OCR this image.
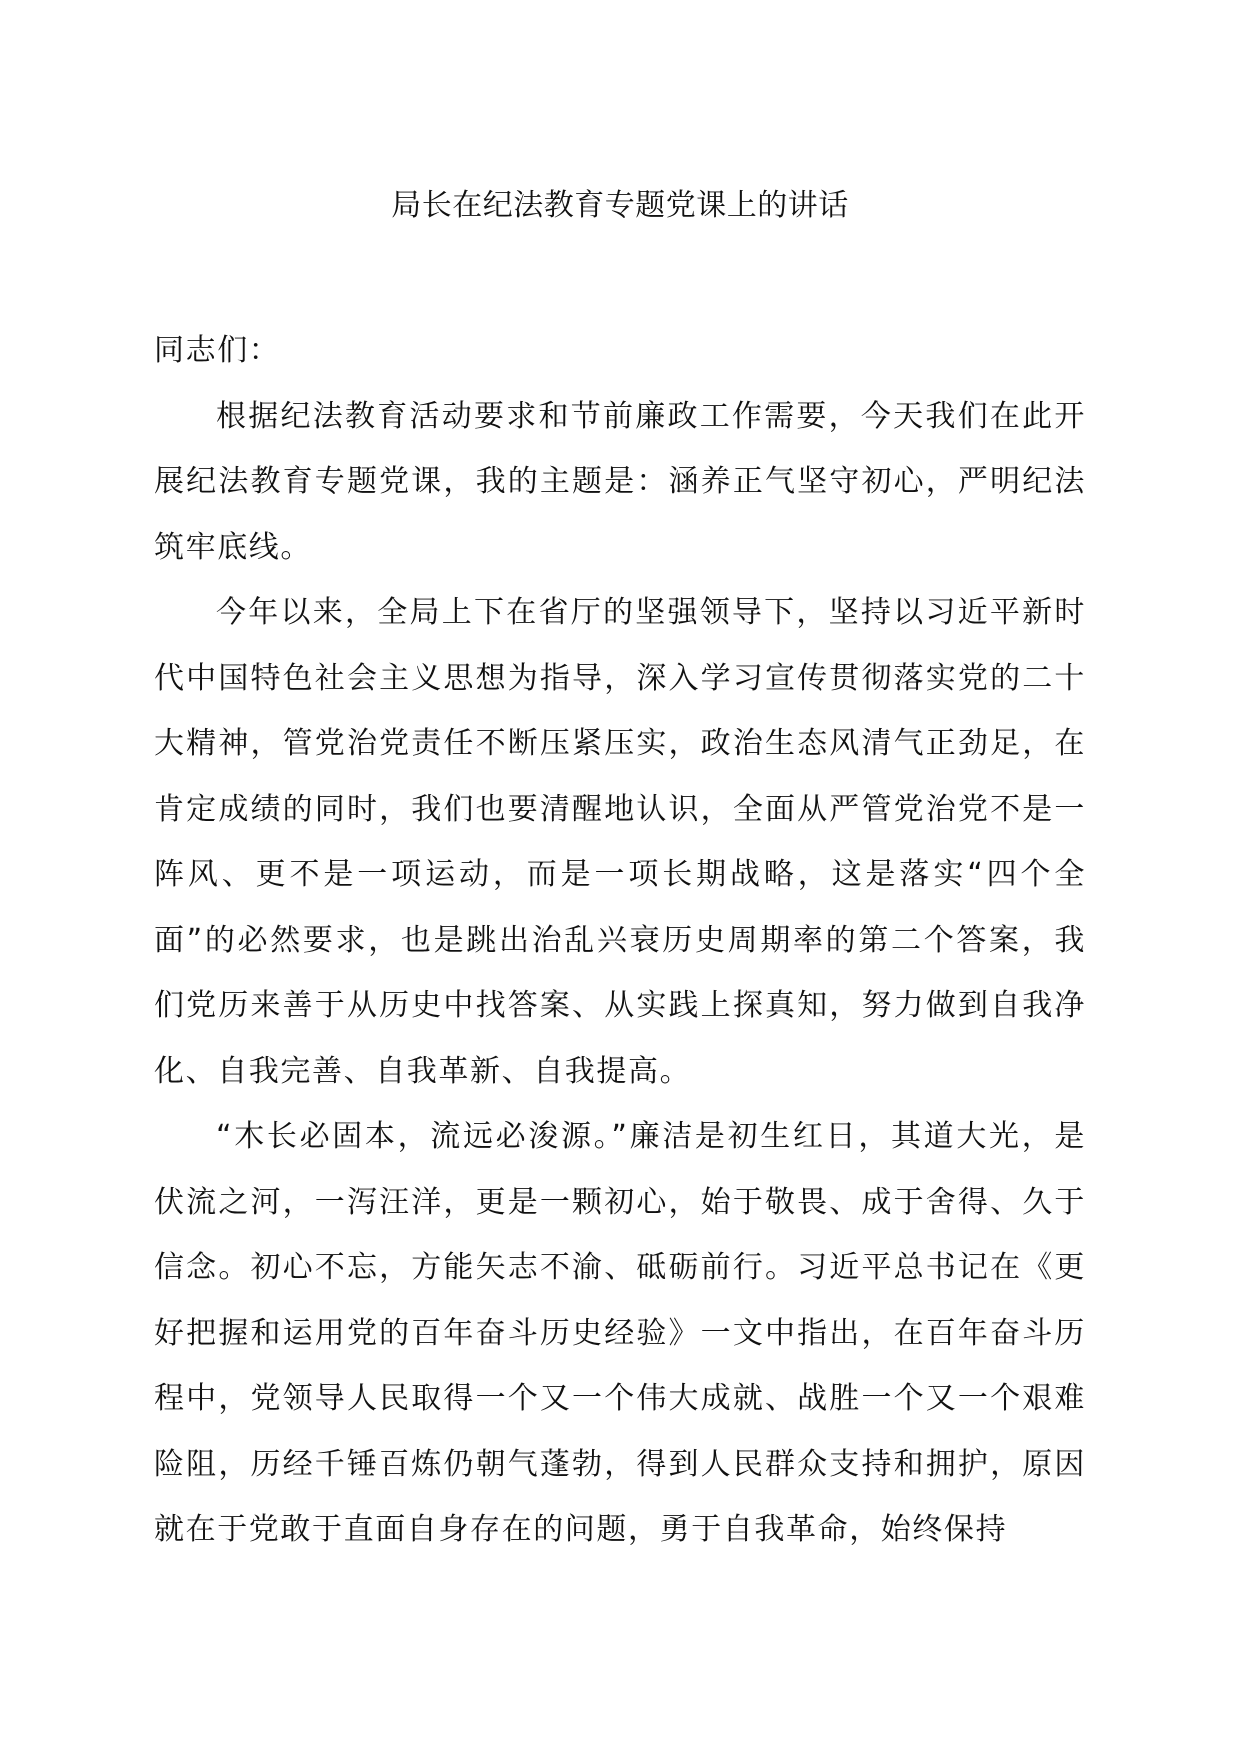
局长在纪法教育专题党课上的讲话

同志们：

根据纪法教育活动要求和节前廉政工作需要，今天我们在此开展纪法教育专题党课，我的主题是：涵养正气坚守初心，严明纪法筑牢底线。

今年以来，全局上下在省厅的坚强领导下，坚持以习近平新时代中国特色社会主义思想为指导，深入学习宣传贯彻落实党的二十大精神，管党治党责任不断压紧压实，政治生态风清气正劲足，在肯定成绩的同时，我们也要清醒地认识，全面从严管党治党不是一阵风、更不是一项运动，而是一项长期战略，这是落实“四个全面”的必然要求，也是跳出治乱兴衰历史周期率的第二个答案，我们党历来善于从历史中找答案、从实践上探真知，努力做到自我净化、自我完善、自我革新、自我提高。

“木长必固本，流远必浚源。”廉洁是初生红日，其道大光，是伏流之河，一泻汪洋，更是一颗初心，始于敬畏、成于舍得、久于信念。初心不忘，方能矢志不渝、砥砺前行。习近平总书记在《更好把握和运用党的百年奋斗历史经验》一文中指出，在百年奋斗历程中，党领导人民取得一个又一个伟大成就、战胜一个又一个艰难险阻，历经千锤百炼仍朝气蓬勃，得到人民群众支持和拥护，原因就在于党敢于直面自身存在的问题，勇于自我革命，始终保持
